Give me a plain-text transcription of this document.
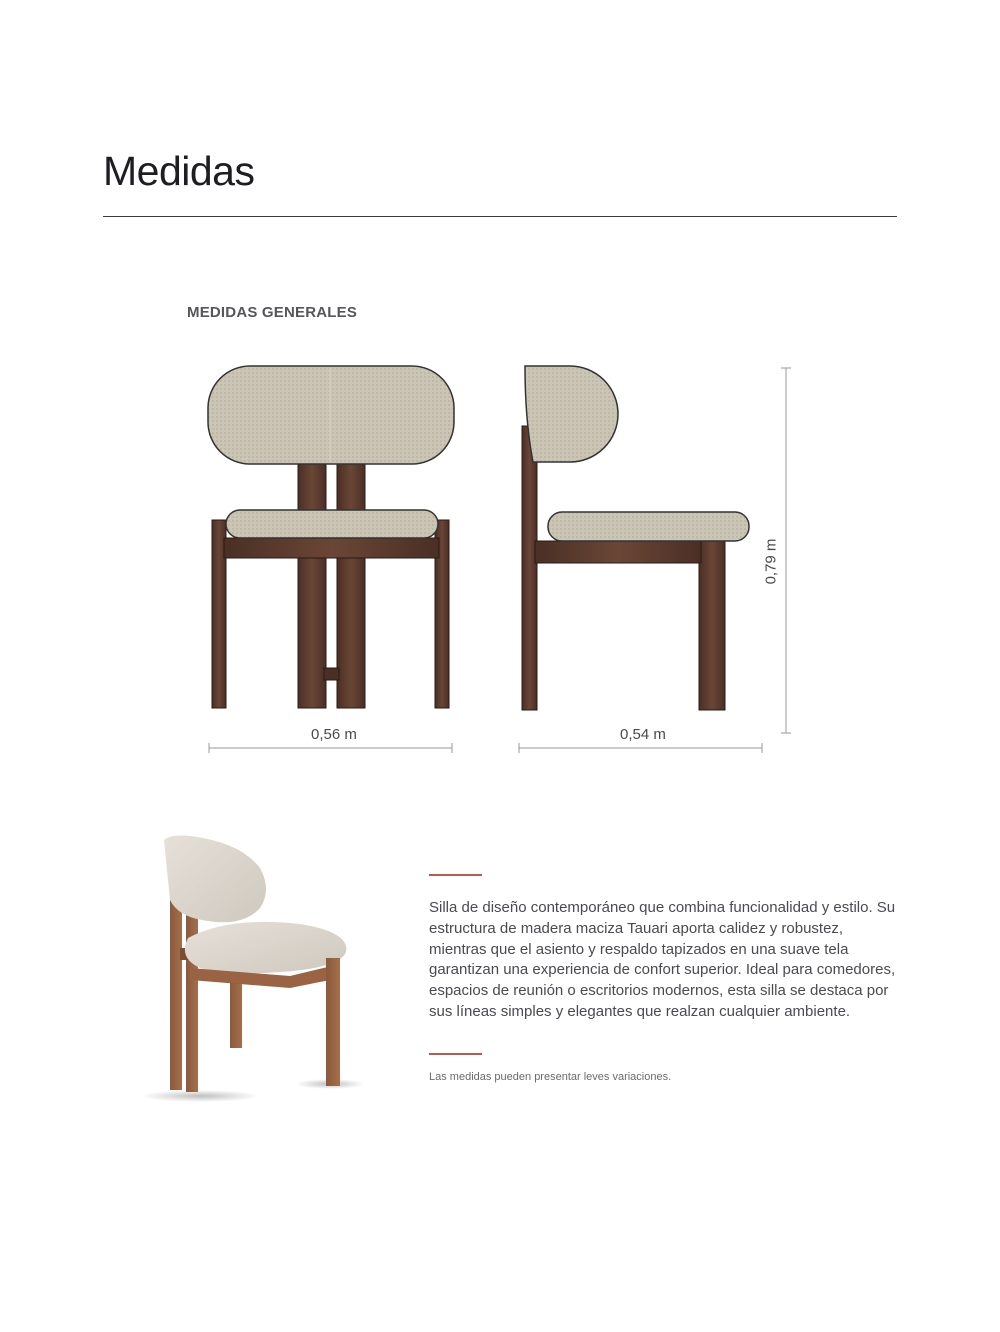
Medidas
MEDIDAS GENERALES
0,56 m	0,54 m
0,79 m

Silla de diseño contemporáneo que combina funcionalidad y estilo. Su estructura de madera maciza Tauari aporta calidez y robustez, mientras que el asiento y respaldo tapizados en una suave tela garantizan una experiencia de confort superior. Ideal para comedores, espacios de reunión o escritorios modernos, esta silla se destaca por sus líneas simples y elegantes que realzan cualquier ambiente.

Las medidas pueden presentar leves variaciones.
